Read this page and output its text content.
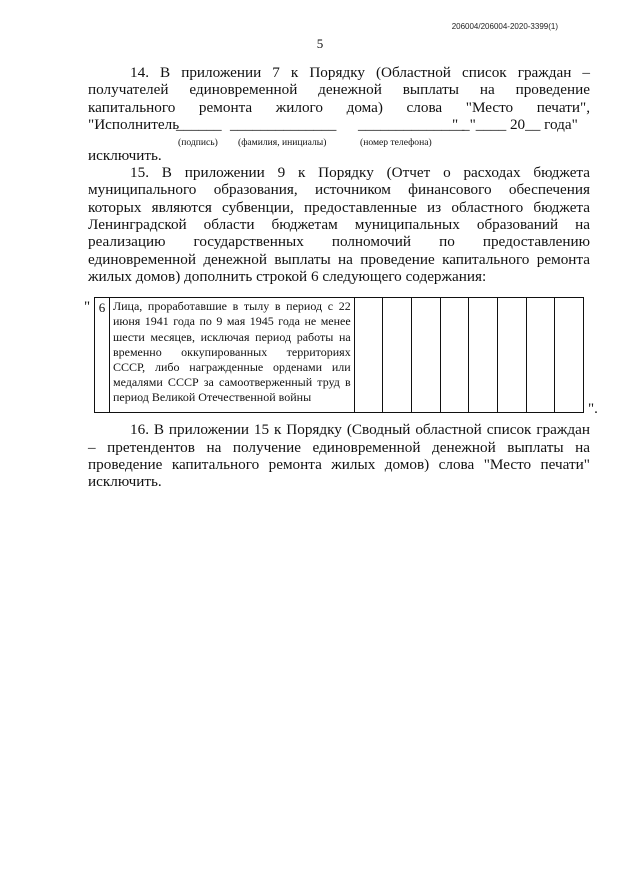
206004/206004-2020-3399(1)
5

14. В приложении 7 к Порядку (Областной список граждан –

получателей единовременной денежной выплаты на проведение

капитального ремонта жилого дома) слова "Место печати",

"Исполнитель
______ ______________ ______________
" _"____ 20__ года"
(подпись) (фамилия, инициалы)	(номер телефона)

исключить.

15. В приложении 9 к Порядку (Отчет о расходах бюджета муниципального образования, источником финансового обеспечения которых являются субвенции, предоставленные из областного бюджета Ленинградской области бюджетам муниципальных образований на реализацию государственных полномочий по предоставлению единовременной денежной выплаты на проведение капитального ремонта жилых домов) дополнить строкой 6 следующего содержания:

" 6	Лица, проработавшие в тылу в период с 22 июня 1941 года по 9 мая 1945 года не менее шести месяцев, исключая период работы на временно оккупированных территориях СССР, либо награжденные орденами или медалями СССР за самоотверженный труд в период Великой Отечественной войны								
".

16. В приложении 15 к Порядку (Сводный областной список граждан – претендентов на получение единовременной денежной выплаты на проведение капитального ремонта жилых домов) слова "Место печати" исключить.
